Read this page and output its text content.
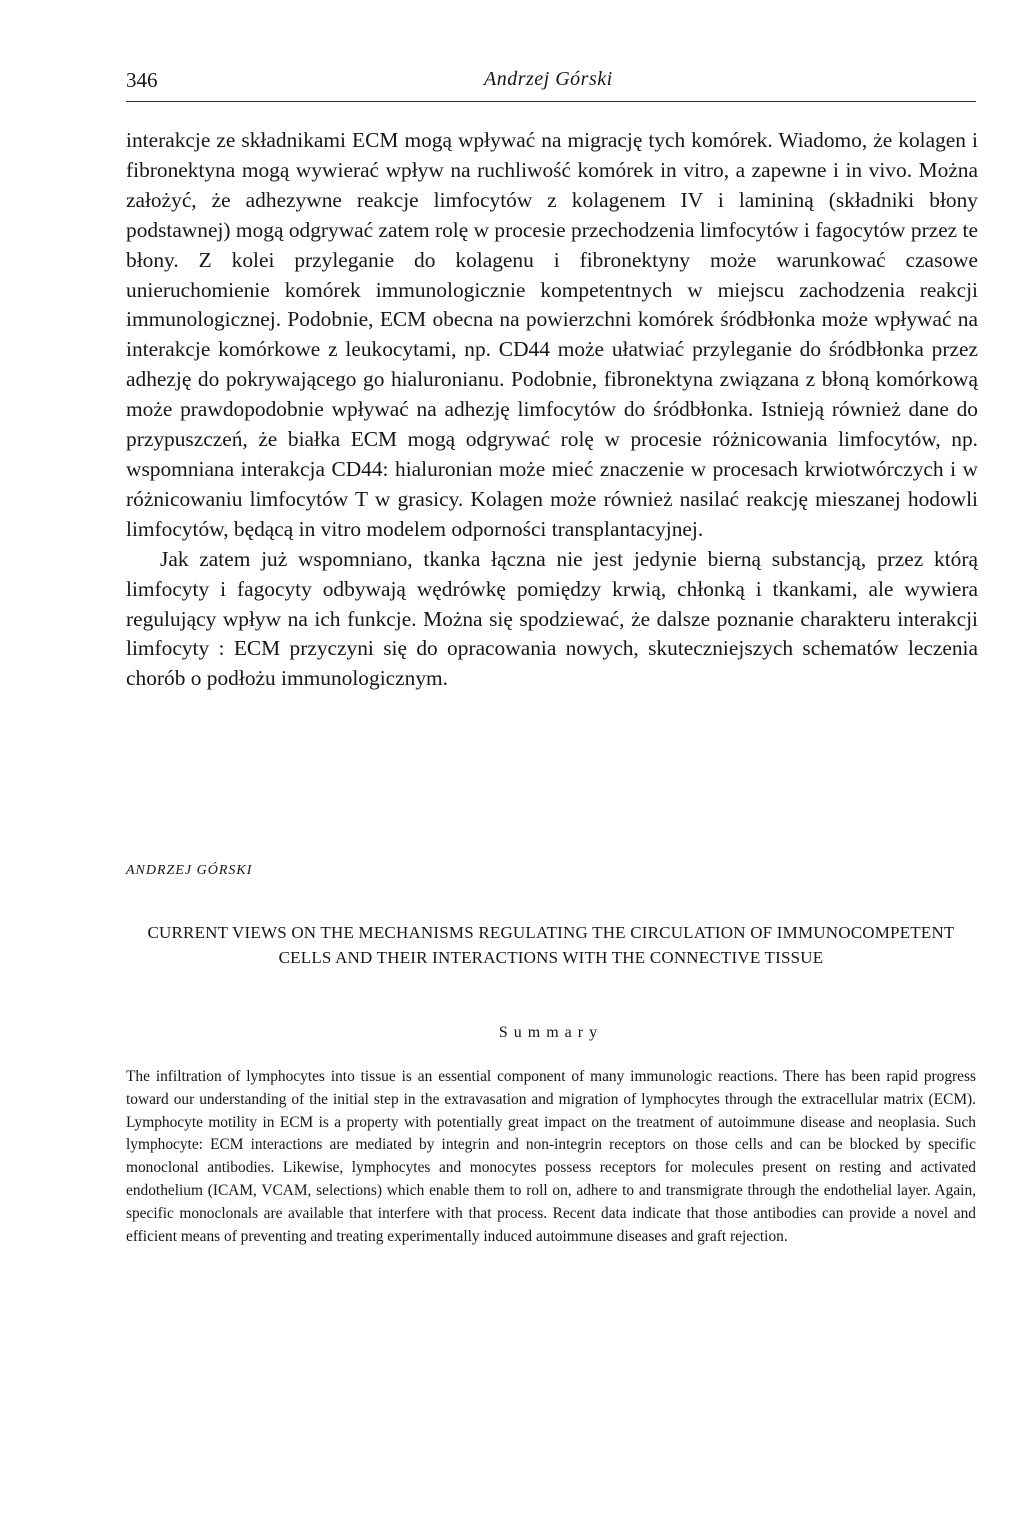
346	Andrzej Górski

interakcje ze składnikami ECM mogą wpływać na migrację tych komórek. Wiadomo, że kolagen i fibronektyna mogą wywierać wpływ na ruchliwość komórek in vitro, a zapewne i in vivo. Można założyć, że adhezywne reakcje limfocytów z kolagenem IV i lamininą (składniki błony podstawnej) mogą odgrywać zatem rolę w procesie przechodzenia limfocytów i fagocytów przez te błony. Z kolei przyleganie do kolagenu i fibronektyny może warunkować czasowe unieruchomienie komórek immunologicznie kompetentnych w miejscu zachodzenia reakcji immunologicznej. Podobnie, ECM obecna na powierzchni komórek śródbłonka może wpływać na interakcje komórkowe z leukocytami, np. CD44 może ułatwiać przyleganie do śródbłonka przez adhezję do pokrywającego go hialuronianu. Podobnie, fibronektyna związana z błoną komórkową może prawdopodobnie wpływać na adhezję limfocytów do śródbłonka. Istnieją również dane do przypuszczeń, że białka ECM mogą odgrywać rolę w procesie różnicowania limfocytów, np. wspomniana interakcja CD44: hialuronian może mieć znaczenie w procesach krwiotwórczych i w różnicowaniu limfocytów T w grasicy. Kolagen może również nasilać reakcję mieszanej hodowli limfocytów, będącą in vitro modelem odporności transplantacyjnej.

Jak zatem już wspomniano, tkanka łączna nie jest jedynie bierną substancją, przez którą limfocyty i fagocyty odbywają wędrówkę pomiędzy krwią, chłonką i tkankami, ale wywiera regulujący wpływ na ich funkcje. Można się spodziewać, że dalsze poznanie charakteru interakcji limfocyty : ECM przyczyni się do opracowania nowych, skuteczniejszych schematów leczenia chorób o podłożu immunologicznym.

ANDRZEJ GÓRSKI
CURRENT VIEWS ON THE MECHANISMS REGULATING THE CIRCULATION OF IMMUNOCOMPETENT CELLS AND THEIR INTERACTIONS WITH THE CONNECTIVE TISSUE
Summary

The infiltration of lymphocytes into tissue is an essential component of many immunologic reactions. There has been rapid progress toward our understanding of the initial step in the extravasation and migration of lymphocytes through the extracellular matrix (ECM). Lymphocyte motility in ECM is a property with potentially great impact on the treatment of autoimmune disease and neoplasia. Such lymphocyte: ECM interactions are mediated by integrin and non-integrin receptors on those cells and can be blocked by specific monoclonal antibodies. Likewise, lymphocytes and monocytes possess receptors for molecules present on resting and activated endothelium (ICAM, VCAM, selections) which enable them to roll on, adhere to and transmigrate through the endothelial layer. Again, specific monoclonals are available that interfere with that process. Recent data indicate that those antibodies can provide a novel and efficient means of preventing and treating experimentally induced autoimmune diseases and graft rejection.
